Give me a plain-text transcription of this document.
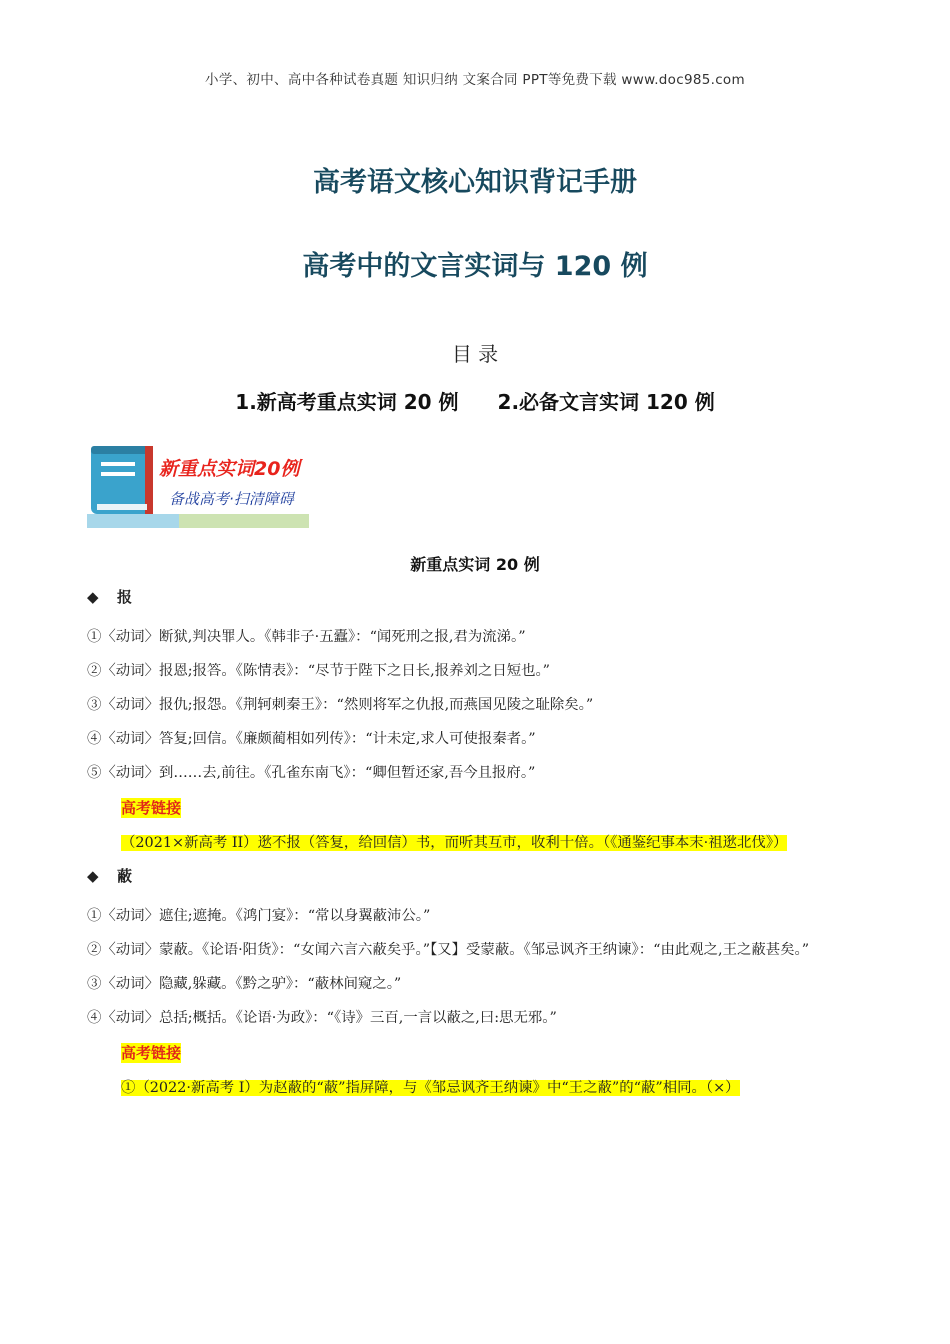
小学、初中、高中各种试卷真题 知识归纳 文案合同 PPT等免费下载 www.doc985.com
高考语文核心知识背记手册
高考中的文言实词与 120 例
目 录
1.新高考重点实词 20 例 2.必备文言实词 120 例
新重点实词20例
备战高考·扫清障碍
新重点实词 20 例

◆ 报

①〈动词〉断狱,判决罪人。《韩非子·五蠹》：“闻死刑之报,君为流涕。”

②〈动词〉报恩;报答。《陈情表》：“尽节于陛下之日长,报养刘之日短也。”

③〈动词〉报仇;报怨。《荆轲刺秦王》：“然则将军之仇报,而燕国见陵之耻除矣。”

④〈动词〉答复;回信。《廉颇蔺相如列传》：“计未定,求人可使报秦者。”

⑤〈动词〉到……去,前往。《孔雀东南飞》：“卿但暂还家,吾今且报府。”

高考链接

（2021×新高考 II）逖不报（答复，给回信）书，而听其互市，收利十倍。（《通鉴纪事本末·祖逖北伐》）

◆ 蔽

①〈动词〉遮住;遮掩。《鸿门宴》：“常以身翼蔽沛公。”

②〈动词〉蒙蔽。《论语·阳货》：“女闻六言六蔽矣乎。”【又】受蒙蔽。《邹忌讽齐王纳谏》：“由此观之,王之蔽甚矣。”

③〈动词〉隐藏,躲藏。《黔之驴》：“蔽林间窥之。”

④〈动词〉总括;概括。《论语·为政》：“《诗》三百,一言以蔽之,曰:思无邪。”

高考链接

①（2022·新高考 I）为赵蔽的“蔽”指屏障，与《邹忌讽齐王纳谏》中“王之蔽”的“蔽”相同。（×）
